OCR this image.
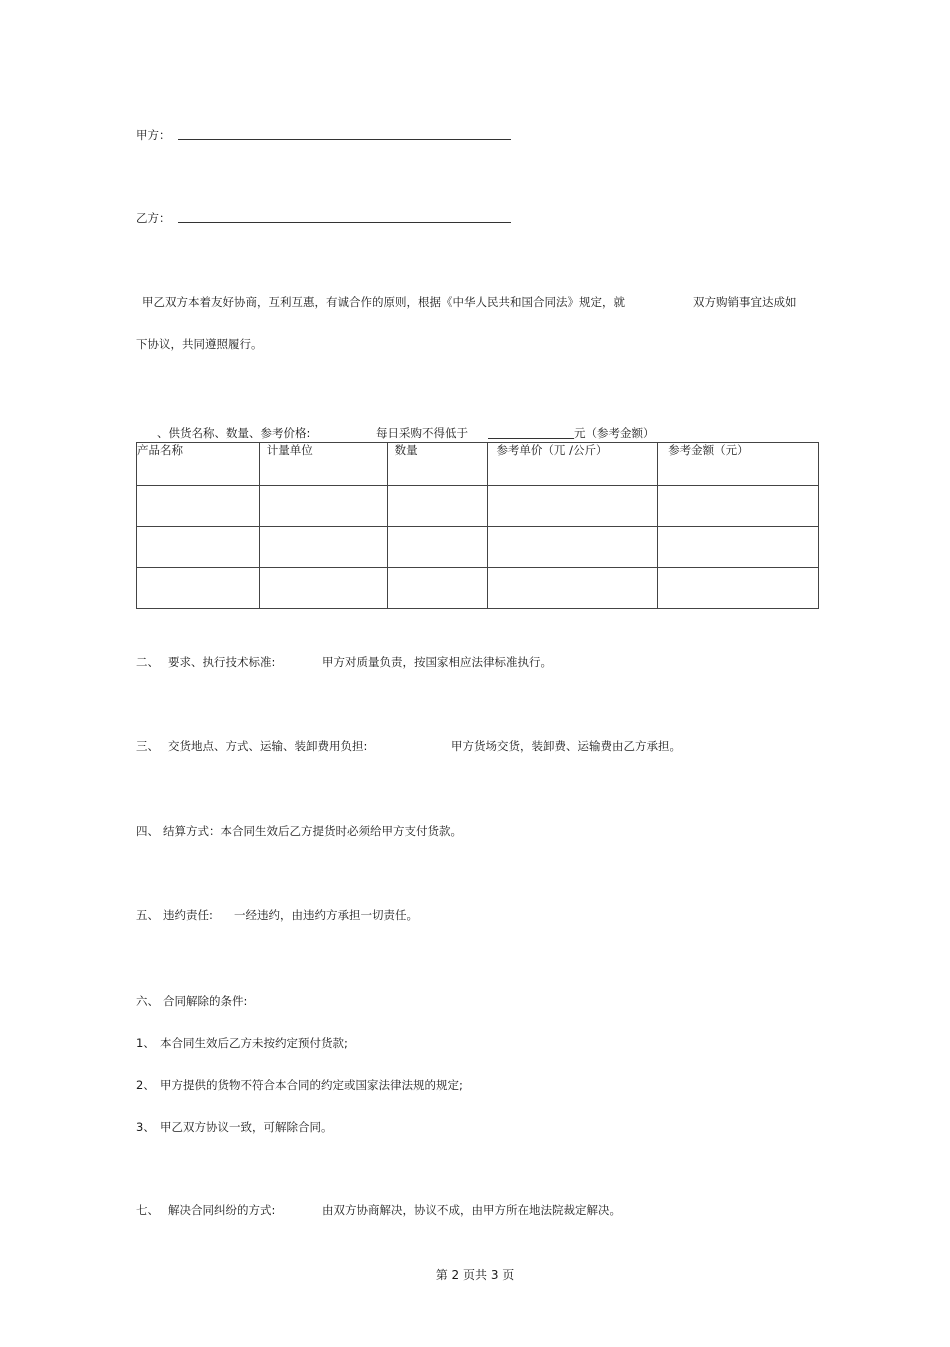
甲方：
乙方：
甲乙双方本着友好协商，互利互惠，有诚合作的原则，根据《中华人民共和国合同法》规定，就	双方购销事宜达成如
下协议，共同遵照履行。
、供货名称、数量、参考价格:	每日采购不得低于	元（参考金额）
产品名称	计量单位	数量	参考单价（兀 /公斤）	参考金额（元）

二、 要求、执行技术标准:	甲方对质量负责，按国家相应法律标准执行。
三、 交货地点、方式、运输、装卸费用负担:	甲方货场交货，装卸费、运输费由乙方承担。
四、 结算方式：本合同生效后乙方提货时必须给甲方支付货款。
五、 违约责任: 一经违约，由违约方承担一切责任。
六、 合同解除的条件:
1、 本合同生效后乙方未按约定预付货款;
2、 甲方提供的货物不符合本合同的约定或国家法律法规的规定;
3、 甲乙双方协议一致，可解除合同。
七、 解决合同纠纷的方式:	由双方协商解决，协议不成，由甲方所在地法院裁定解决。
第 2 页共 3 页
